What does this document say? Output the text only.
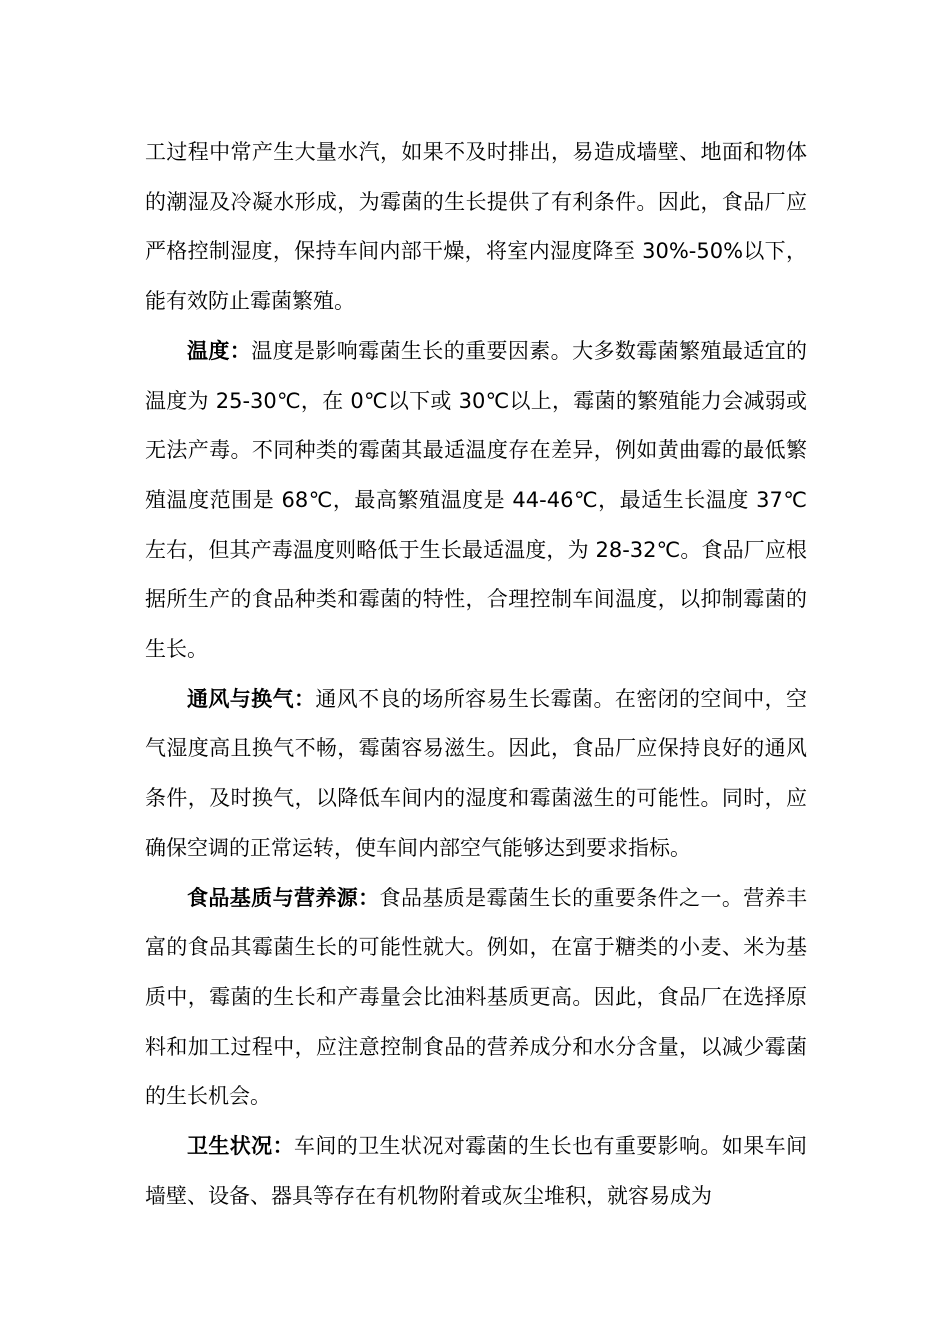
工过程中常产生大量水汽，如果不及时排出，易造成墙壁、地面和物体的潮湿及冷凝水形成，为霉菌的生长提供了有利条件。因此，食品厂应严格控制湿度，保持车间内部干燥，将室内湿度降至 30%-50%以下，能有效防止霉菌繁殖。

温度：温度是影响霉菌生长的重要因素。大多数霉菌繁殖最适宜的温度为 25-30℃，在 0℃以下或 30℃以上，霉菌的繁殖能力会减弱或无法产毒。不同种类的霉菌其最适温度存在差异，例如黄曲霉的最低繁殖温度范围是 68℃，最高繁殖温度是 44-46℃，最适生长温度 37℃左右，但其产毒温度则略低于生长最适温度，为 28-32℃。食品厂应根据所生产的食品种类和霉菌的特性，合理控制车间温度，以抑制霉菌的生长。

通风与换气：通风不良的场所容易生长霉菌。在密闭的空间中，空气湿度高且换气不畅，霉菌容易滋生。因此，食品厂应保持良好的通风条件，及时换气，以降低车间内的湿度和霉菌滋生的可能性。同时，应确保空调的正常运转，使车间内部空气能够达到要求指标。

食品基质与营养源：食品基质是霉菌生长的重要条件之一。营养丰富的食品其霉菌生长的可能性就大。例如，在富于糖类的小麦、米为基质中，霉菌的生长和产毒量会比油料基质更高。因此，食品厂在选择原料和加工过程中，应注意控制食品的营养成分和水分含量，以减少霉菌的生长机会。

卫生状况：车间的卫生状况对霉菌的生长也有重要影响。如果车间墙壁、设备、器具等存在有机物附着或灰尘堆积，就容易成为
